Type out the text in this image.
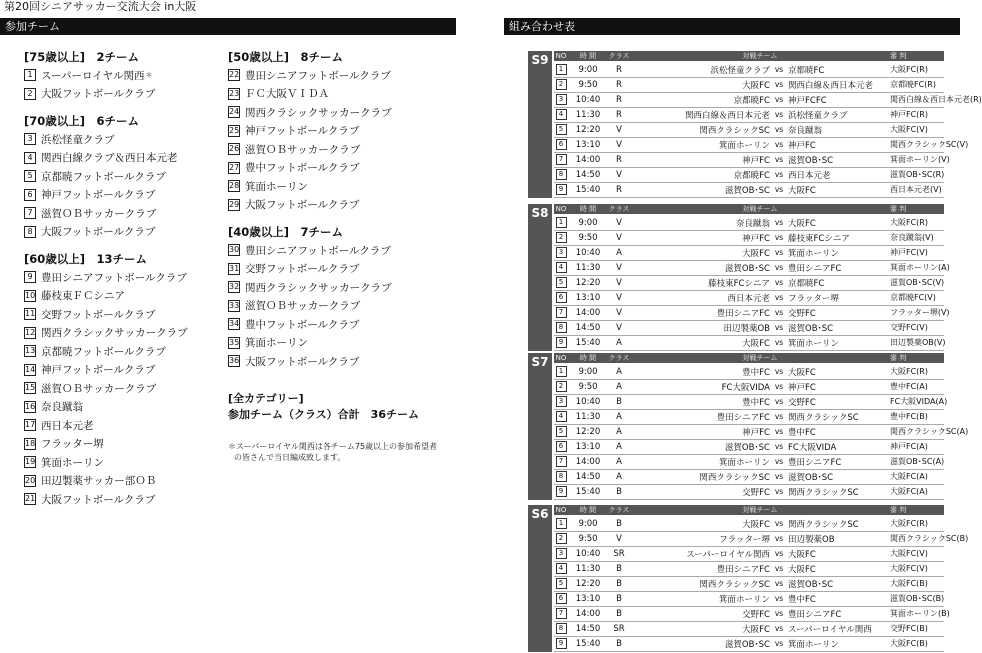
第20回シニアサッカー交流大会 in大阪
参加チーム	組み合わせ表
[75歳以上]　2チーム
1 スーパーロイヤル関西 ＊
2 大阪フットボールクラブ
[70歳以上]　6チーム
3 浜松怪童クラブ
4 関西白線クラブ＆西日本元老
5 京都暁フットボールクラブ
6 神戸フットボールクラブ
7 滋賀ＯＢサッカークラブ
8 大阪フットボールクラブ
[60歳以上]　13チーム
9 豊田シニアフットボールクラブ
10 藤枝東ＦＣシニア
11 交野フットボールクラブ
12 関西クラシックサッカークラブ
13 京都暁フットボールクラブ
14 神戸フットボールクラブ
15 滋賀ＯＢサッカークラブ
16 奈良蹴翁
17 西日本元老
18 フラッター堺
19 箕面ホーリン
20 田辺製薬サッカー部ＯＢ
21 大阪フットボールクラブ
[50歳以上]　8チーム
22 豊田シニアフットボールクラブ
23 ＦＣ大阪ＶＩＤＡ
24 関西クラシックサッカークラブ
25 神戸フットボールクラブ
26 滋賀ＯＢサッカークラブ
27 豊中フットボールクラブ
28 箕面ホーリン
29 大阪フットボールクラブ
[40歳以上]　7チーム
30 豊田シニアフットボールクラブ
31 交野フットボールクラブ
32 関西クラシックサッカークラブ
33 滋賀ＯＢサッカークラブ
34 豊中フットボールクラブ
35 箕面ホーリン
36 大阪フットボールクラブ
[全カテゴリー]
参加チーム（クラス）合計　36チーム
＊スーパーロイヤル関西は各チーム75歳以上の参加希望者
の皆さんで当日編成致します。
S9	NO	時 間	クラス	対戦チーム	審 判
1	9:00	R	浜松怪童クラブ vs 京都暁FC	大阪FC(R)
2	9:50	R	大阪FC vs 関西白線＆西日本元老	京都暁FC(R)
3	10:40	R	京都暁FC vs 神戸FCFC	関西白線＆西日本元老(R)
4	11:30	R	関西白線＆西日本元老 vs 浜松怪童クラブ	神戸FC(R)
5	12:20	V	関西クラシックSC vs 奈良蹴翁	大阪FC(V)
6	13:10	V	箕面ホーリン vs 神戸FC	関西クラシックSC(V)
7	14:00	R	神戸FC vs 滋賀OB･SC	箕面ホーリン(V)
8	14:50	V	京都暁FC vs 西日本元老	滋賀OB･SC(R)
9	15:40	R	滋賀OB･SC vs 大阪FC	西日本元老(V)
S8	NO	時 間	クラス	対戦チーム	審 判
1	9:00	V	奈良蹴翁 vs 大阪FC	大阪FC(R)
2	9:50	V	神戸FC vs 藤枝東FCシニア	奈良蹴翁(V)
3	10:40	A	大阪FC vs 箕面ホーリン	神戸FC(V)
4	11:30	V	滋賀OB･SC vs 豊田シニアFC	箕面ホーリン(A)
5	12:20	V	藤枝東FCシニア vs 京都暁FC	滋賀OB･SC(V)
6	13:10	V	西日本元老 vs フラッター堺	京都暁FC(V)
7	14:00	V	豊田シニアFC vs 交野FC	フラッター堺(V)
8	14:50	V	田辺製薬OB vs 滋賀OB･SC	交野FC(V)
9	15:40	A	大阪FC vs 箕面ホーリン	田辺製薬OB(V)
S7	NO	時 間	クラス	対戦チーム	審 判
1	9:00	A	豊中FC vs 大阪FC	大阪FC(R)
2	9:50	A	FC大阪VIDA vs 神戸FC	豊中FC(A)
3	10:40	B	豊中FC vs 交野FC	FC大阪VIDA(A)
4	11:30	A	豊田シニアFC vs 関西クラシックSC	豊中FC(B)
5	12:20	A	神戸FC vs 豊中FC	関西クラシックSC(A)
6	13:10	A	滋賀OB･SC vs FC大阪VIDA	神戸FC(A)
7	14:00	A	箕面ホーリン vs 豊田シニアFC	滋賀OB･SC(A)
8	14:50	A	関西クラシックSC vs 滋賀OB･SC	大阪FC(A)
9	15:40	B	交野FC vs 関西クラシックSC	大阪FC(A)
S6	NO	時 間	クラス	対戦チーム	審 判
1	9:00	B	大阪FC vs 関西クラシックSC	大阪FC(R)
2	9:50	V	フラッター堺 vs 田辺製薬OB	関西クラシックSC(B)
3	10:40	SR	スーパーロイヤル関西 vs 大阪FC	大阪FC(V)
4	11:30	B	豊田シニアFC vs 大阪FC	大阪FC(V)
5	12:20	B	関西クラシックSC vs 滋賀OB･SC	大阪FC(B)
6	13:10	B	箕面ホーリン vs 豊中FC	滋賀OB･SC(B)
7	14:00	B	交野FC vs 豊田シニアFC	箕面ホーリン(B)
8	14:50	SR	大阪FC vs スーパーロイヤル関西	交野FC(B)
9	15:40	B	滋賀OB･SC vs 箕面ホーリン	大阪FC(B)
